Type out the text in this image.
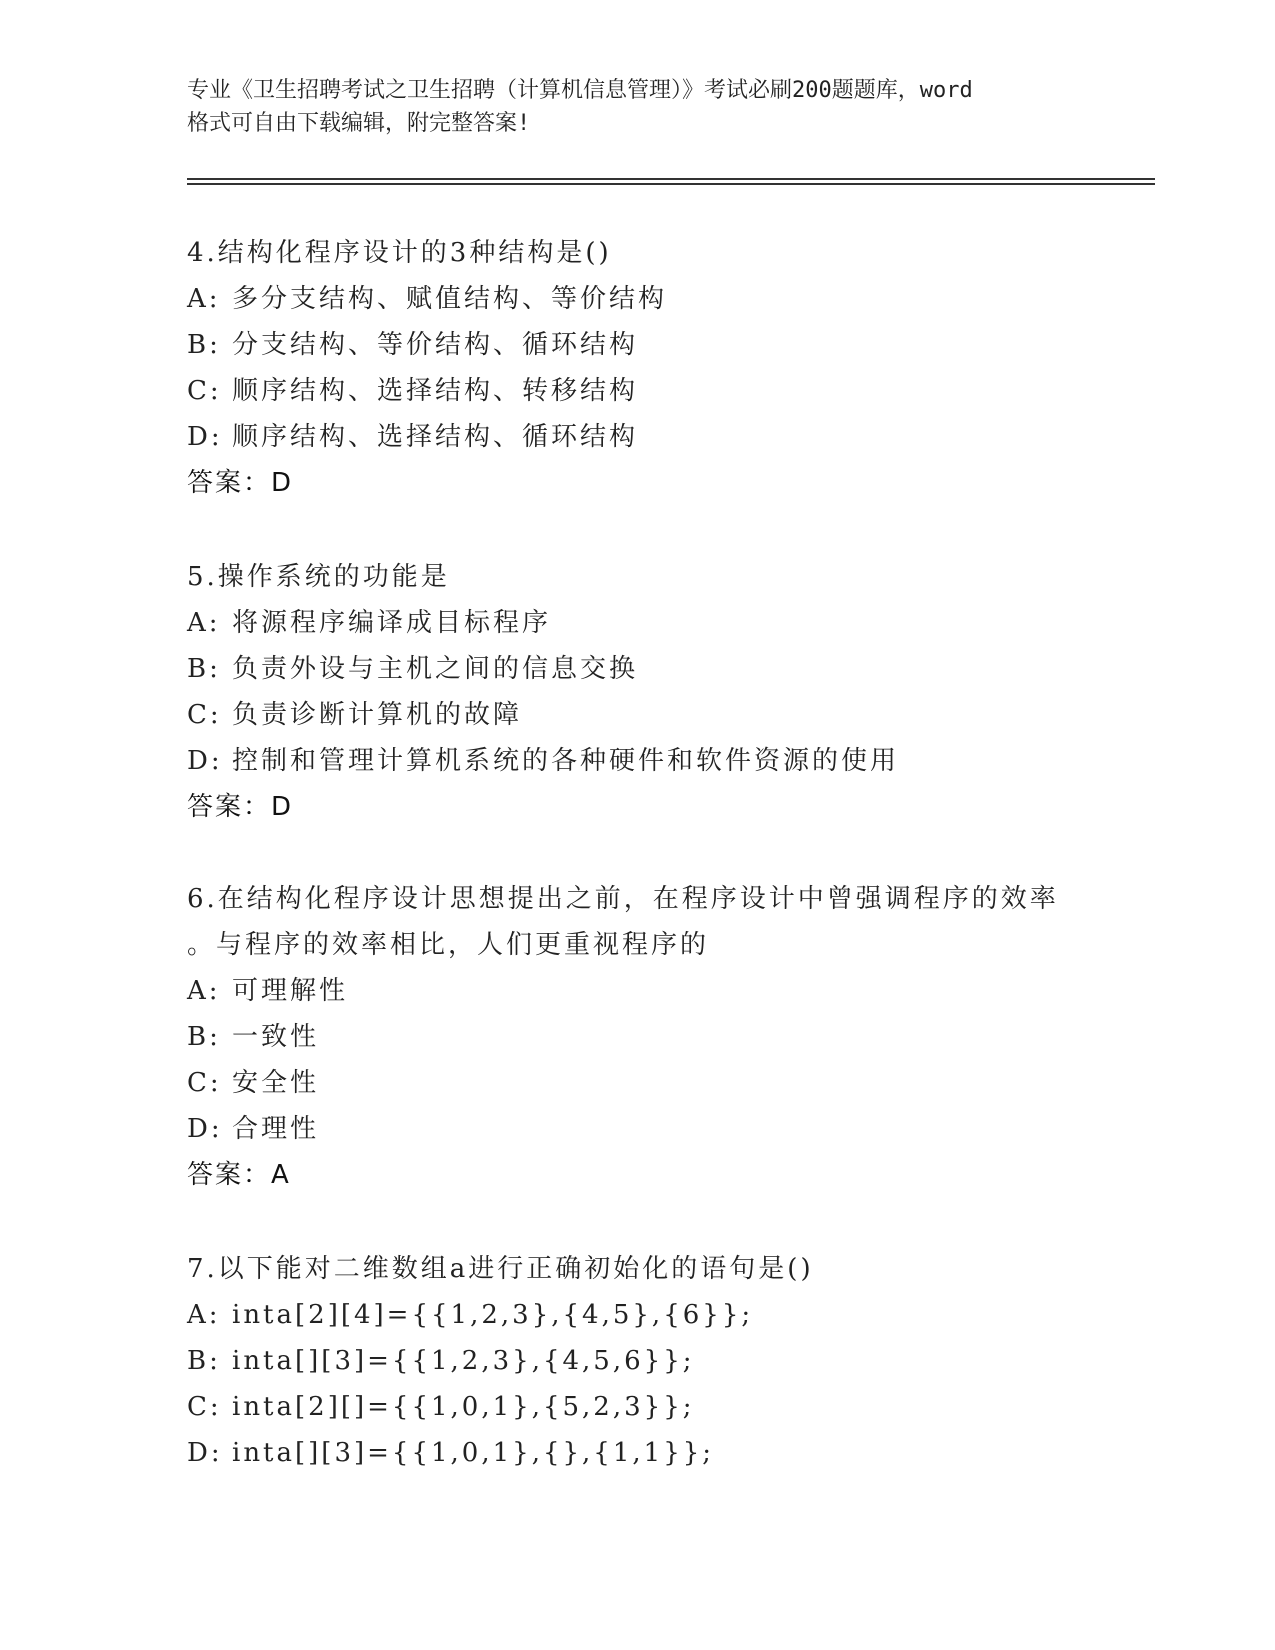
专业《卫生招聘考试之卫生招聘（计算机信息管理）》考试必刷200题题库，word
格式可自由下载编辑，附完整答案!
4.结构化程序设计的3种结构是()
A: 多分支结构、赋值结构、等价结构
B: 分支结构、等价结构、循环结构
C: 顺序结构、选择结构、转移结构
D: 顺序结构、选择结构、循环结构
答案：D
5.操作系统的功能是
A: 将源程序编译成目标程序
B: 负责外设与主机之间的信息交换
C: 负责诊断计算机的故障
D: 控制和管理计算机系统的各种硬件和软件资源的使用
答案：D
6.在结构化程序设计思想提出之前，在程序设计中曾强调程序的效率
。与程序的效率相比，人们更重视程序的
A: 可理解性
B: 一致性
C: 安全性
D: 合理性
答案：A
7.以下能对二维数组a进行正确初始化的语句是()
A: inta[2][4]={{1,2,3},{4,5},{6}};
B: inta[][3]={{1,2,3},{4,5,6}};
C: inta[2][]={{1,0,1},{5,2,3}};
D: inta[][3]={{1,0,1},{},{1,1}};
